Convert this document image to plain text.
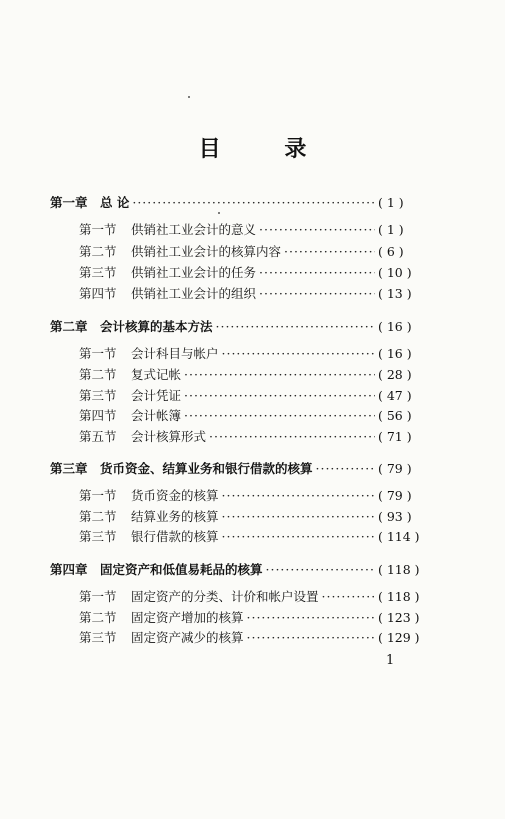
目 录
第一章 总 论 ·····	( 1 )
第一节	供销社工业会计的意义 ·····	( 1 )
第二节	供销社工业会计的核算内容 ·····	( 6 )
第三节	供销社工业会计的任务 ·····	( 10 )
第四节	供销社工业会计的组织 ·····	( 13 )
第二章 会计核算的基本方法 ·····	( 16 )
第一节	会计科目与帐户 ·····	( 16 )
第二节	复式记帐 ·····	( 28 )
第三节	会计凭证 ·····	( 47 )
第四节	会计帐簿 ·····	( 56 )
第五节	会计核算形式 ·····	( 71 )
第三章 货币资金、结算业务和银行借款的核算 ·····	( 79 )
第一节	货币资金的核算 ·····	( 79 )
第二节	结算业务的核算 ·····	( 93 )
第三节	银行借款的核算 ·····	( 114 )
第四章 固定资产和低值易耗品的核算 ·····	( 118 )
第一节	固定资产的分类、计价和帐户设置 ·····	( 118 )
第二节	固定资产增加的核算 ·····	( 123 )
第三节	固定资产减少的核算 ·····	( 129 )
1
